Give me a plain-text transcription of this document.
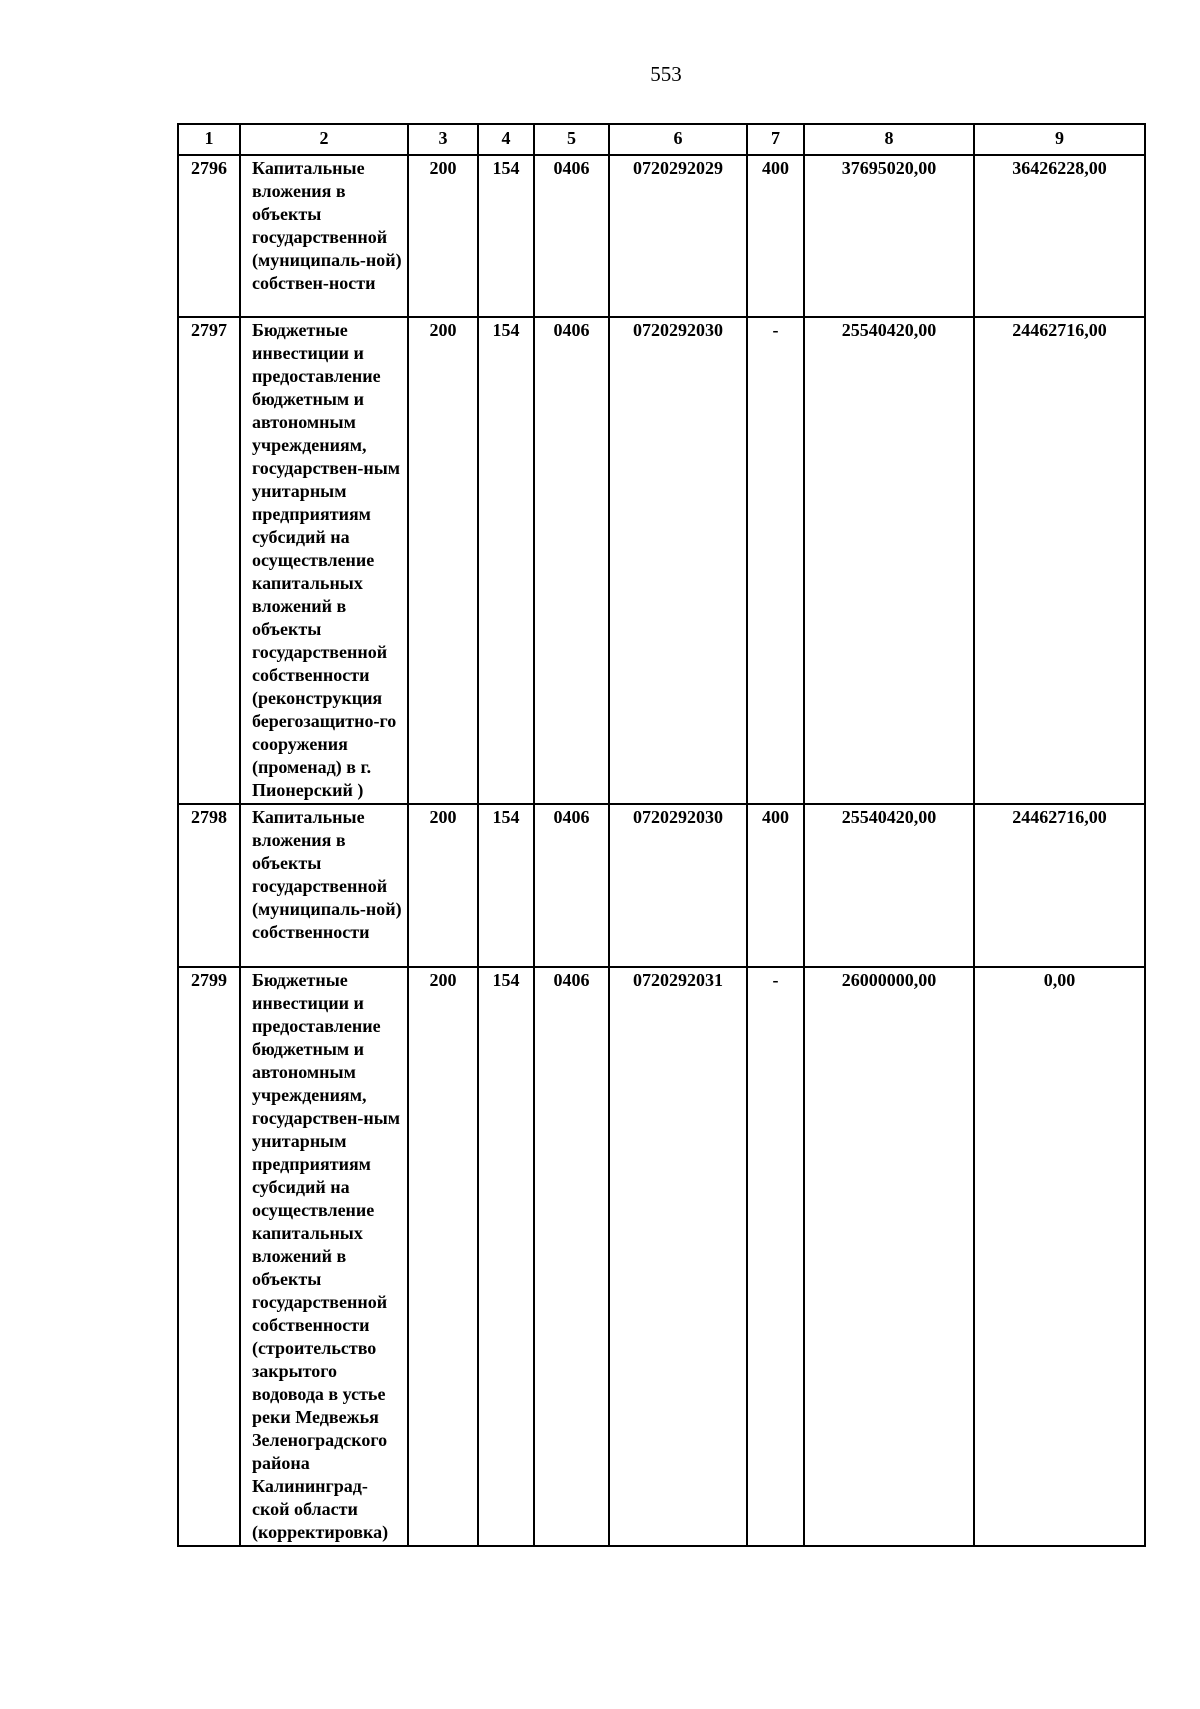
553
1	2	3	4	5	6	7	8	9
2796	Капитальные вложения в объекты государственной (муниципаль-ной) собствен-ности	200	154	0406	0720292029	400	37695020,00	36426228,00
2797	Бюджетные инвестиции и предоставление бюджетным и автономным учреждениям, государствен-ным унитарным предприятиям субсидий на осуществление капитальных вложений в объекты государственной собственности (реконструкция берегозащитно-го сооружения (променад) в г. Пионерский )	200	154	0406	0720292030	-	25540420,00	24462716,00
2798	Капитальные вложения в объекты государственной (муниципаль-ной) собственности	200	154	0406	0720292030	400	25540420,00	24462716,00
2799	Бюджетные инвестиции и предоставление бюджетным и автономным учреждениям, государствен-ным унитарным предприятиям субсидий на осуществление капитальных вложений в объекты государственной собственности (строительство закрытого водовода в устье реки Медвежья Зеленоградского района Калининград-ской области (корректировка)	200	154	0406	0720292031	-	26000000,00	0,00
